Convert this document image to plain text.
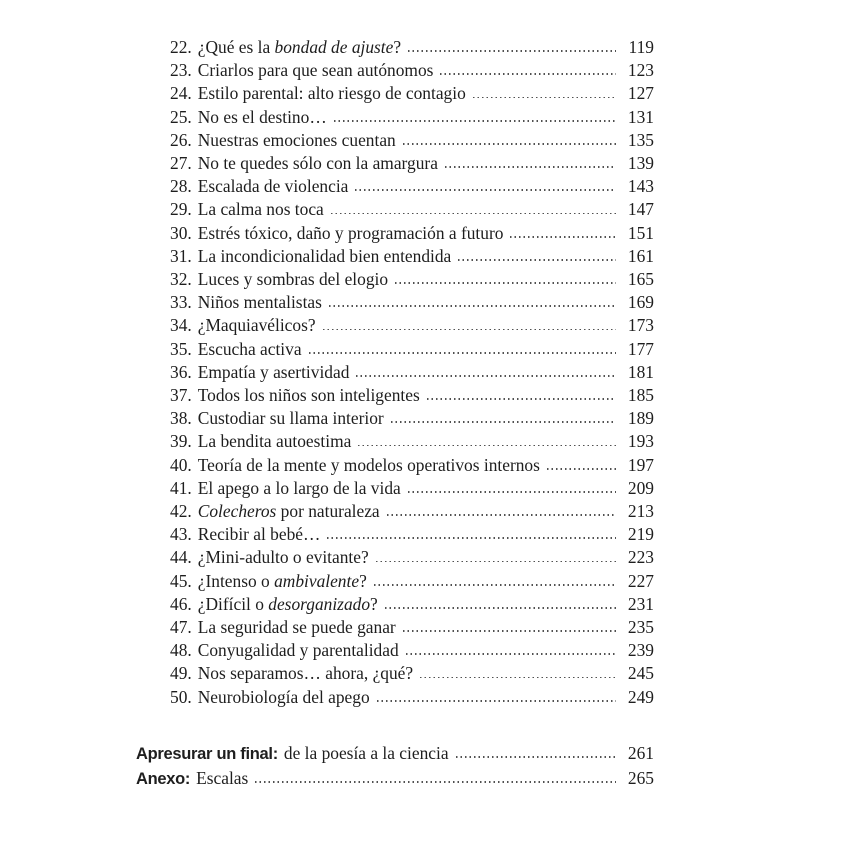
22. ¿Qué es la bondad de ajuste?	119
23. Criarlos para que sean autónomos	123
24. Estilo parental: alto riesgo de contagio	127
25. No es el destino…	131
26. Nuestras emociones cuentan	135
27. No te quedes sólo con la amargura	139
28. Escalada de violencia	143
29. La calma nos toca	147
30. Estrés tóxico, daño y programación a futuro	151
31. La incondicionalidad bien entendida	161
32. Luces y sombras del elogio	165
33. Niños mentalistas	169
34. ¿Maquiavélicos?	173
35. Escucha activa	177
36. Empatía y asertividad	181
37. Todos los niños son inteligentes	185
38. Custodiar su llama interior	189
39. La bendita autoestima	193
40. Teoría de la mente y modelos operativos internos	197
41. El apego a lo largo de la vida	209
42. Colecheros por naturaleza	213
43. Recibir al bebé…	219
44. ¿Mini-adulto o evitante?	223
45. ¿Intenso o ambivalente?	227
46. ¿Difícil o desorganizado?	231
47. La seguridad se puede ganar	235
48. Conyugalidad y parentalidad	239
49. Nos separamos… ahora, ¿qué?	245
50. Neurobiología del apego	249
Apresurar un final: de la poesía a la ciencia	261
Anexo: Escalas	265
